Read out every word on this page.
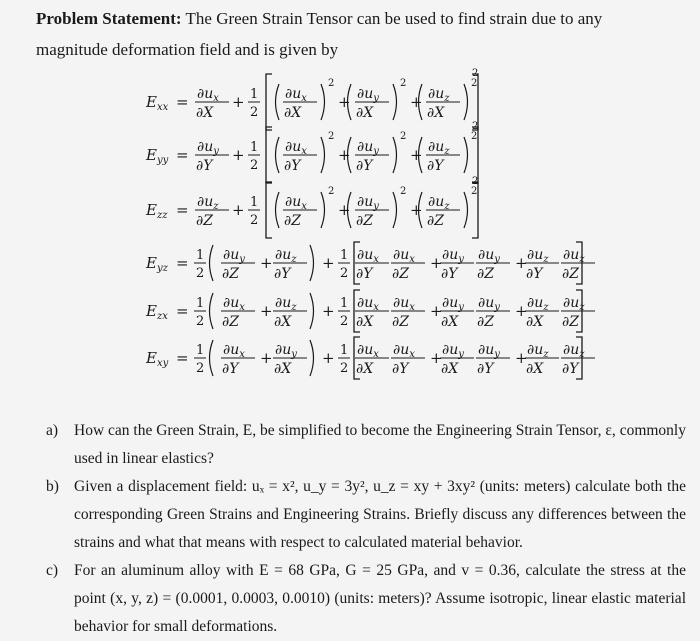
Problem Statement: The Green Strain Tensor can be used to find strain due to any magnitude deformation field and is given by
$E_{xx} = \partial u_x$
∂X
+ 1
2
$\partial u_x$
∂X
2
+ $\partial u_y$
∂X
2
+ $\partial u_z$
∂X
2
2
$E_{yy} = \partial u_y$
∂Y
+ 1
2
$\partial u_x$
∂Y
2
+ $\partial u_y$
∂Y
2
+ $\partial u_z$
∂Y
2
2
$E_{zz} = \partial u_z$
∂Z
+ 1
2
$\partial u_x$
∂Z
2
+ $\partial u_y$
∂Z
2
+ $\partial u_z$
∂Z
2
2
$E_{yz} = 1$
2
$\partial u_y$
∂Z
+ $\partial u_z$
∂Y
+ 1
2
$\partial u_x$
∂Y
$\partial u_x$
∂Z
+ $\partial u_y$
∂Y
$\partial u_y$
∂Z
+ $\partial u_z$
∂Y
$\partial u_z$
∂Z
$E_{zx} = 1$
2
$\partial u_x$
∂Z
+ $\partial u_z$
∂X
+ 1
2
$\partial u_x$
∂X
$\partial u_x$
∂Z
+ $\partial u_y$
∂X
$\partial u_y$
∂Z
+ $\partial u_z$
∂X
$\partial u_z$
∂Z
$E_{xy} = 1$
2
$\partial u_x$
∂Y
+ $\partial u_y$
∂X
+ 1
2
$\partial u_x$
∂X
$\partial u_x$
∂Y
+ $\partial u_y$
∂X
$\partial u_y$
∂Y
+ $\partial u_z$
∂X
$\partial u_z$
∂Y
a) How can the Green Strain, E, be simplified to become the Engineering Strain Tensor, ε, commonly used in linear elastics?
b) Given a displacement field: uₓ = x², u_y = 3y², u_z = xy + 3xy² (units: meters) calculate both the corresponding Green Strains and Engineering Strains. Briefly discuss any differences between the strains and what that means with respect to calculated material behavior.
c) For an aluminum alloy with E = 68 GPa, G = 25 GPa, and v = 0.36, calculate the stress at the point (x, y, z) = (0.0001, 0.0003, 0.0010) (units: meters)? Assume isotropic, linear elastic material behavior for small deformations.
